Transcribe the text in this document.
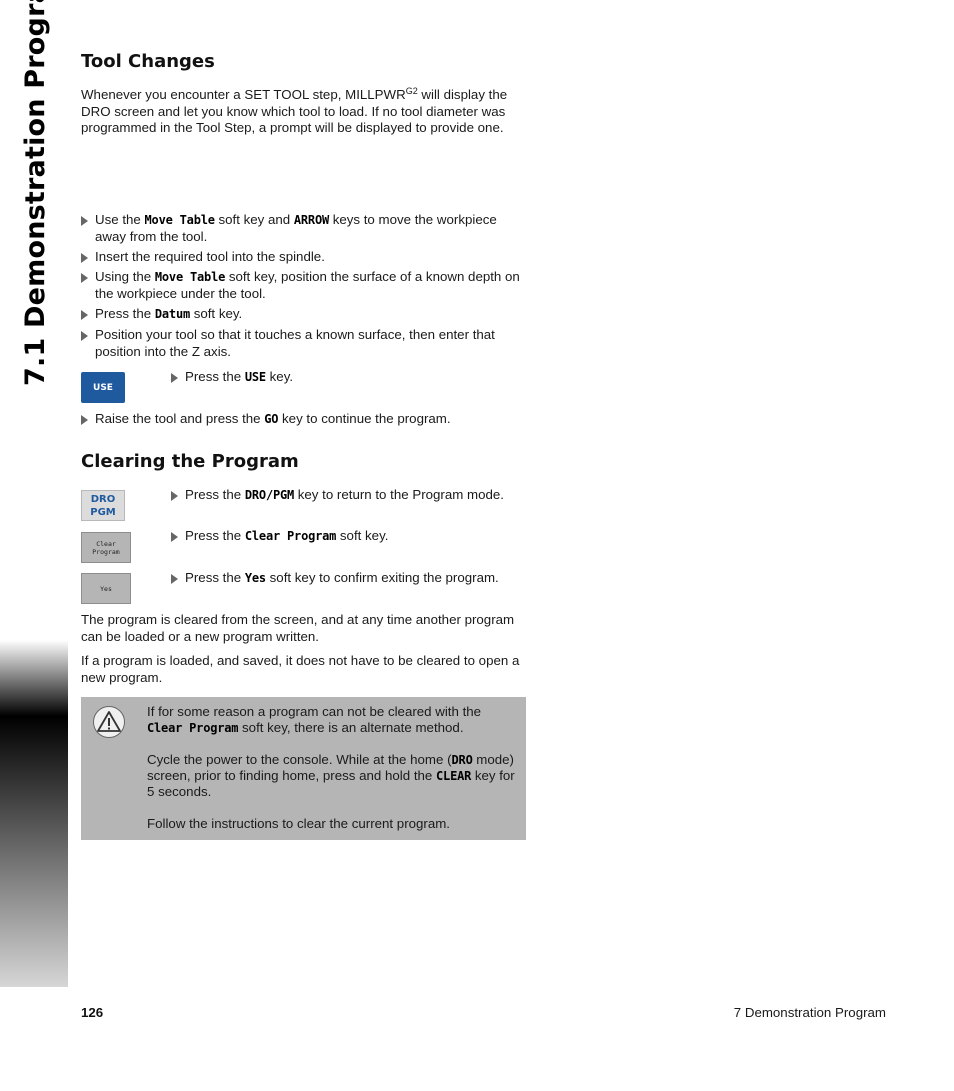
Tool Changes

Whenever you encounter a SET TOOL step, $MILLPWR^{G2}$ will display the DRO screen and let you know which tool to load. If no tool diameter was programmed in the Tool Step, a prompt will be displayed to provide one.

Use the Move Table soft key and ARROW keys to move the workpiece away from the tool.
Insert the required tool into the spindle.
Using the Move Table soft key, position the surface of a known depth on the workpiece under the tool.
Press the Datum soft key.
Position your tool so that it touches a known surface, then enter that position into the Z axis.
USE
Press the USE key.
Raise the tool and press the GO key to continue the program.
Clearing the Program
DRO
PGM
Press the DRO/PGM key to return to the Program mode.
Clear
Program
Press the Clear Program soft key.
Yes
Press the Yes soft key to confirm exiting the program.

The program is cleared from the screen, and at any time another program can be loaded or a new program written.

If a program is loaded, and saved, it does not have to be cleared to open a new program.

If for some reason a program can not be cleared with the Clear Program soft key, there is an alternate method.

Cycle the power to the console. While at the home (DRO mode) screen, prior to finding home, press and hold the CLEAR key for 5 seconds.

Follow the instructions to clear the current program.

126	7 Demonstration Program
